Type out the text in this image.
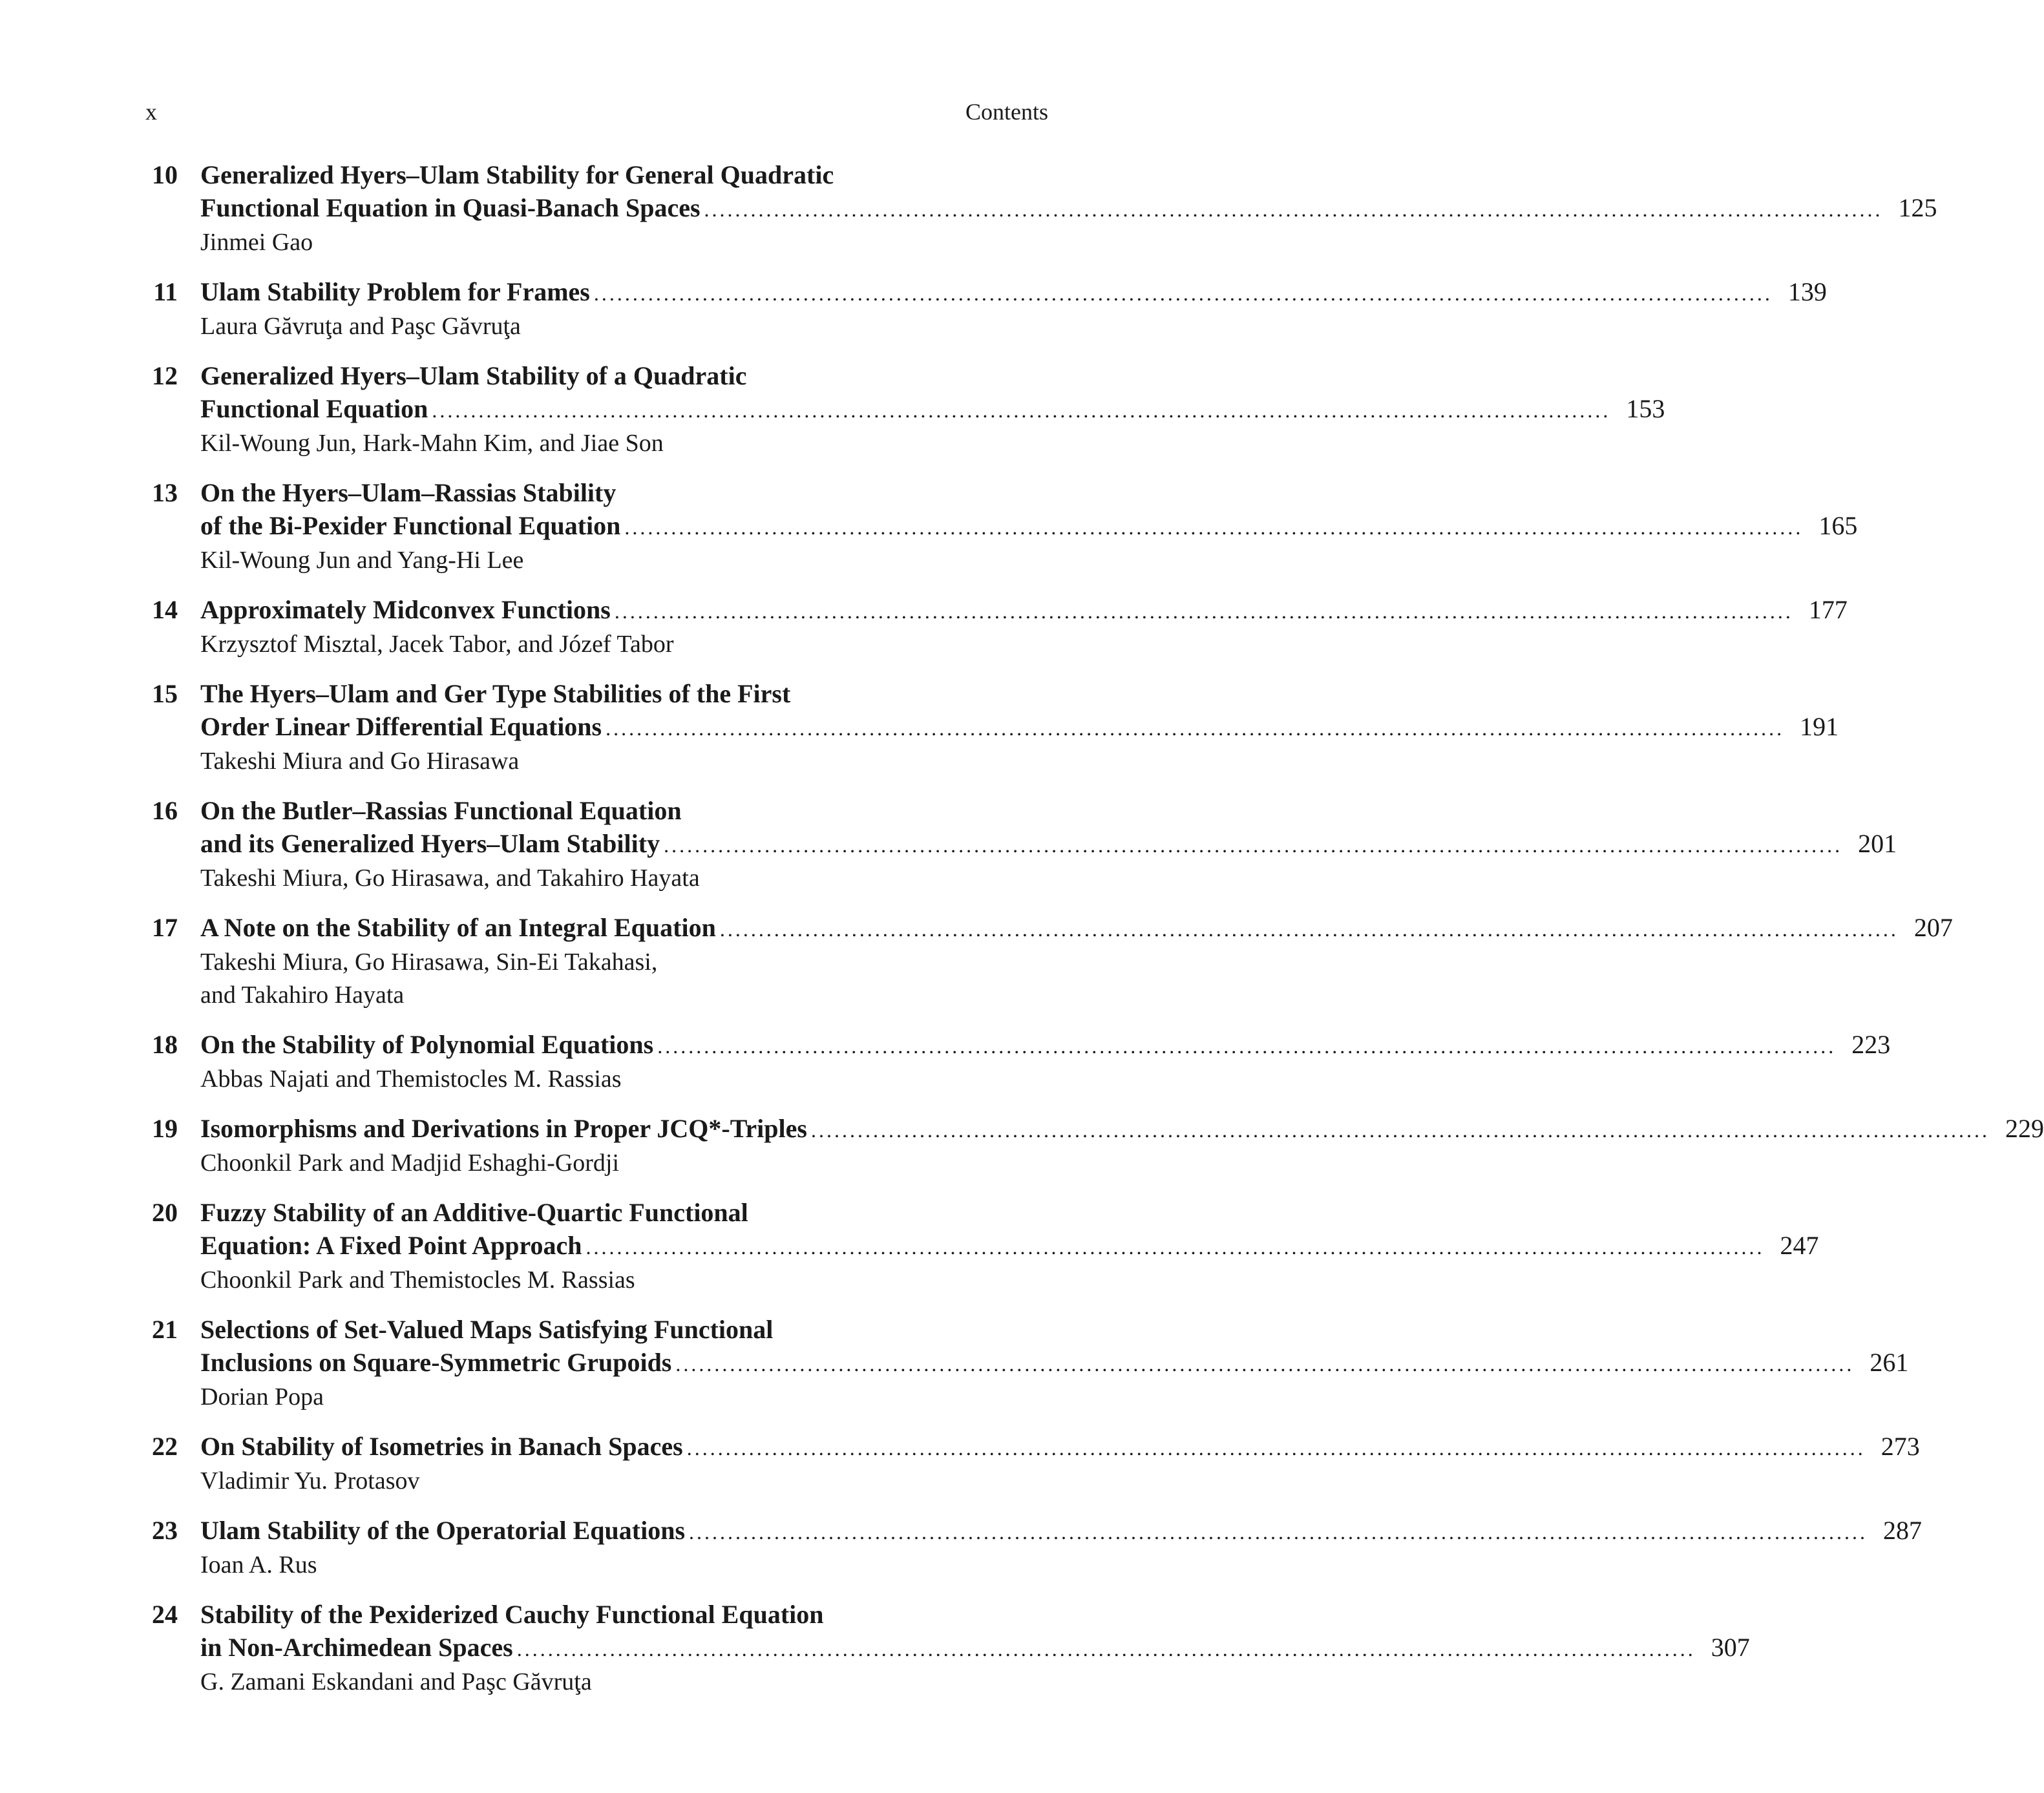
x	Contents
10 Generalized Hyers–Ulam Stability for General Quadratic
Functional Equation in Quasi-Banach Spaces ........................................................................................................................................................ 125
Jinmei Gao
11 Ulam Stability Problem for Frames ........................................................................................................................................................ 139
Laura Găvruţa and Paşc Găvruţa
12 Generalized Hyers–Ulam Stability of a Quadratic
Functional Equation ........................................................................................................................................................ 153
Kil-Woung Jun, Hark-Mahn Kim, and Jiae Son
13 On the Hyers–Ulam–Rassias Stability
of the Bi-Pexider Functional Equation ........................................................................................................................................................ 165
Kil-Woung Jun and Yang-Hi Lee
14 Approximately Midconvex Functions ........................................................................................................................................................ 177
Krzysztof Misztal, Jacek Tabor, and Józef Tabor
15 The Hyers–Ulam and Ger Type Stabilities of the First
Order Linear Differential Equations ........................................................................................................................................................ 191
Takeshi Miura and Go Hirasawa
16 On the Butler–Rassias Functional Equation
and its Generalized Hyers–Ulam Stability ........................................................................................................................................................ 201
Takeshi Miura, Go Hirasawa, and Takahiro Hayata
17 A Note on the Stability of an Integral Equation ........................................................................................................................................................ 207
Takeshi Miura, Go Hirasawa, Sin-Ei Takahasi,
and Takahiro Hayata
18 On the Stability of Polynomial Equations ........................................................................................................................................................ 223
Abbas Najati and Themistocles M. Rassias
19 Isomorphisms and Derivations in Proper JCQ*-Triples ........................................................................................................................................................ 229
Choonkil Park and Madjid Eshaghi-Gordji
20 Fuzzy Stability of an Additive-Quartic Functional
Equation: A Fixed Point Approach ........................................................................................................................................................ 247
Choonkil Park and Themistocles M. Rassias
21 Selections of Set-Valued Maps Satisfying Functional
Inclusions on Square-Symmetric Grupoids ........................................................................................................................................................ 261
Dorian Popa
22 On Stability of Isometries in Banach Spaces ........................................................................................................................................................ 273
Vladimir Yu. Protasov
23 Ulam Stability of the Operatorial Equations ........................................................................................................................................................ 287
Ioan A. Rus
24 Stability of the Pexiderized Cauchy Functional Equation
in Non-Archimedean Spaces ........................................................................................................................................................ 307
G. Zamani Eskandani and Paşc Găvruţa
